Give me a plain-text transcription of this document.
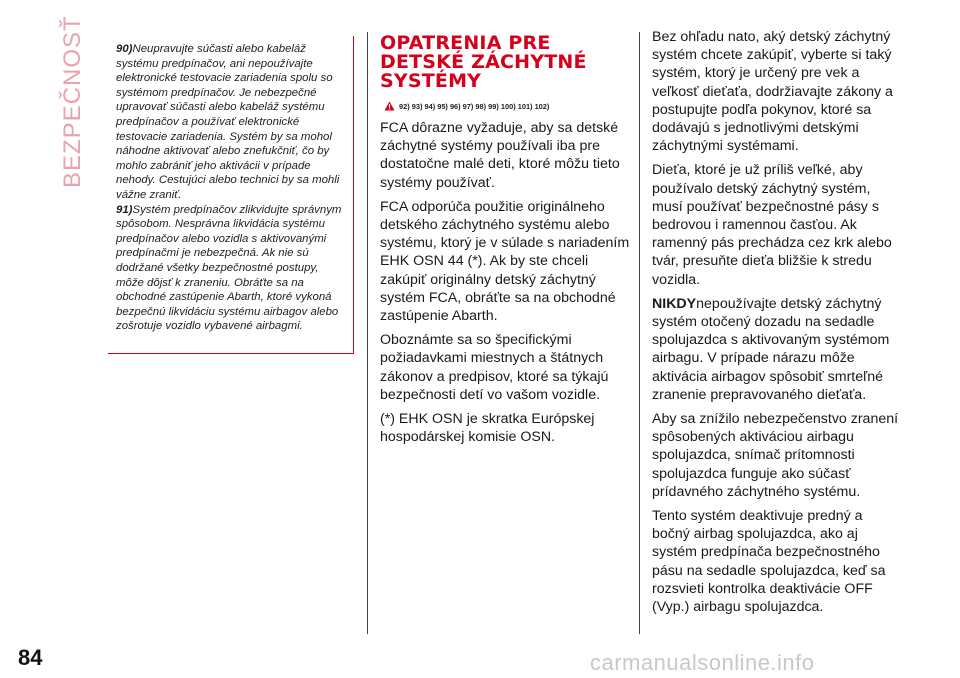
BEZPEČNOSŤ	90)Neupravujte súčasti alebo kabeláž systému predpínačov, ani nepoužívajte elektronické testovacie zariadenia spolu so systémom predpínačov. Je nebezpečné upravovať súčasti alebo kabeláž systému predpínačov a používať elektronické testovacie zariadenia. Systém by sa mohol náhodne aktivovať alebo znefukčniť, čo by mohlo zabrániť jeho aktivácii v prípade nehody. Cestujúci alebo technici by sa mohli vážne zraniť.

91)Systém predpínačov zlikvidujte správnym spôsobom. Nesprávna likvidácia systému predpínačov alebo vozidla s aktivovanými predpínačmi je nebezpečná. Ak nie sú dodržané všetky bezpečnostné postupy, môže dôjsť k zraneniu. Obráťte sa na obchodné zastúpenie Abarth, ktoré vykoná bezpečnú likvidáciu systému airbagov alebo zošrotuje vozidlo vybavené airbagmi.

OPATRENIA PRE DETSKÉ ZÁCHYTNÉ SYSTÉMY
92) 93) 94) 95) 96) 97) 98) 99) 100) 101) 102)

FCA dôrazne vyžaduje, aby sa detské záchytné systémy používali iba pre dostatočne malé deti, ktoré môžu tieto systémy používať.

FCA odporúča použitie originálneho detského záchytného systému alebo systému, ktorý je v súlade s nariadením EHK OSN 44 (*). Ak by ste chceli zakúpiť originálny detský záchytný systém FCA, obráťte sa na obchodné zastúpenie Abarth.

Oboznámte sa so špecifickými požiadavkami miestnych a štátnych zákonov a predpisov, ktoré sa týkajú bezpečnosti detí vo vašom vozidle.

(*) EHK OSN je skratka Európskej hospodárskej komisie OSN.

Bez ohľadu nato, aký detský záchytný systém chcete zakúpiť, vyberte si taký systém, ktorý je určený pre vek a veľkosť dieťaťa, dodržiavajte zákony a postupujte podľa pokynov, ktoré sa dodávajú s jednotlivými detskými záchytnými systémami.

Dieťa, ktoré je už príliš veľké, aby používalo detský záchytný systém, musí používať bezpečnostné pásy s bedrovou i ramennou časťou. Ak ramenný pás prechádza cez krk alebo tvár, presuňte dieťa bližšie k stredu vozidla.

NIKDYnepoužívajte detský záchytný systém otočený dozadu na sedadle spolujazdca s aktivovaným systémom airbagu. V prípade nárazu môže aktivácia airbagov spôsobiť smrteľné zranenie prepravovaného dieťaťa.

Aby sa znížilo nebezpečenstvo zranení spôsobených aktiváciou airbagu spolujazdca, snímač prítomnosti spolujazdca funguje ako súčasť prídavného záchytného systému.

Tento systém deaktivuje predný a bočný airbag spolujazdca, ako aj systém predpínača bezpečnostného pásu na sedadle spolujazdca, keď sa rozsvieti kontrolka deaktivácie OFF (Vyp.) airbagu spolujazdca.

84	carmanualsonline.info
